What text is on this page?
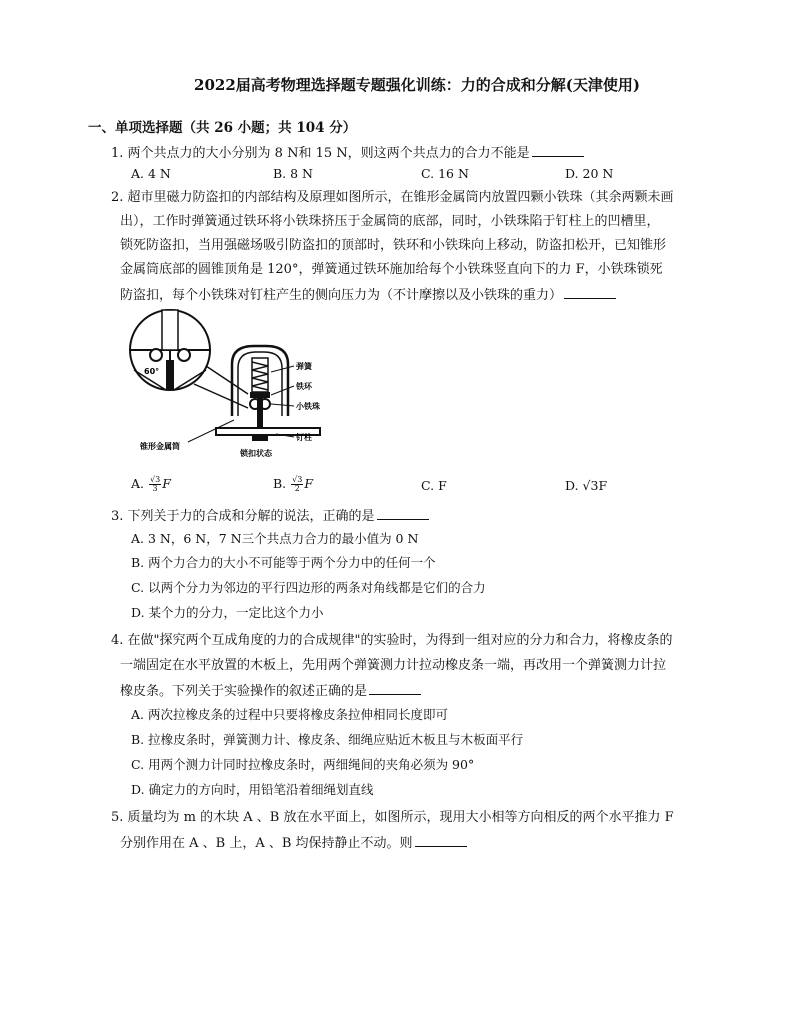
2022届高考物理选择题专题强化训练：力的合成和分解(天津使用)
一、单项选择题（共 26 小题；共 104 分）
1. 两个共点力的大小分别为 8 N和 15 N，则这两个共点力的合力不能是
A. 4 N	B. 8 N	C. 16 N	D. 20 N
2. 超市里磁力防盗扣的内部结构及原理如图所示，在锥形金属筒内放置四颗小铁珠（其余两颗未画
出），工作时弹簧通过铁环将小铁珠挤压于金属筒的底部，同时，小铁珠陷于钉柱上的凹槽里，
锁死防盗扣，当用强磁场吸引防盗扣的顶部时，铁环和小铁珠向上移动，防盗扣松开，已知锥形
金属筒底部的圆锥顶角是 120°，弹簧通过铁环施加给每个小铁珠竖直向下的力 F，小铁珠锁死
防盗扣，每个小铁珠对钉柱产生的侧向压力为（不计摩擦以及小铁珠的重力）
60°
弹簧
铁环
小铁珠
钉柱
锥形金属筒
锁扣状态
A. $\frac{√3}{3}$ F	B. $\frac{√3}{2}$ F	C. F	D. √3F
3. 下列关于力的合成和分解的说法，正确的是
A. 3 N，6 N，7 N三个共点力合力的最小值为 0 N
B. 两个力合力的大小不可能等于两个分力中的任何一个
C. 以两个分力为邻边的平行四边形的两条对角线都是它们的合力
D. 某个力的分力，一定比这个力小
4. 在做"探究两个互成角度的力的合成规律"的实验时，为得到一组对应的分力和合力，将橡皮条的
一端固定在水平放置的木板上，先用两个弹簧测力计拉动橡皮条一端，再改用一个弹簧测力计拉
橡皮条。下列关于实验操作的叙述正确的是
A. 两次拉橡皮条的过程中只要将橡皮条拉伸相同长度即可
B. 拉橡皮条时，弹簧测力计、橡皮条、细绳应贴近木板且与木板面平行
C. 用两个测力计同时拉橡皮条时，两细绳间的夹角必须为 90°
D. 确定力的方向时，用铅笔沿着细绳划直线
5. 质量均为 m 的木块 A 、B 放在水平面上，如图所示，现用大小相等方向相反的两个水平推力 F
分别作用在 A 、B 上，A 、B 均保持静止不动。则
